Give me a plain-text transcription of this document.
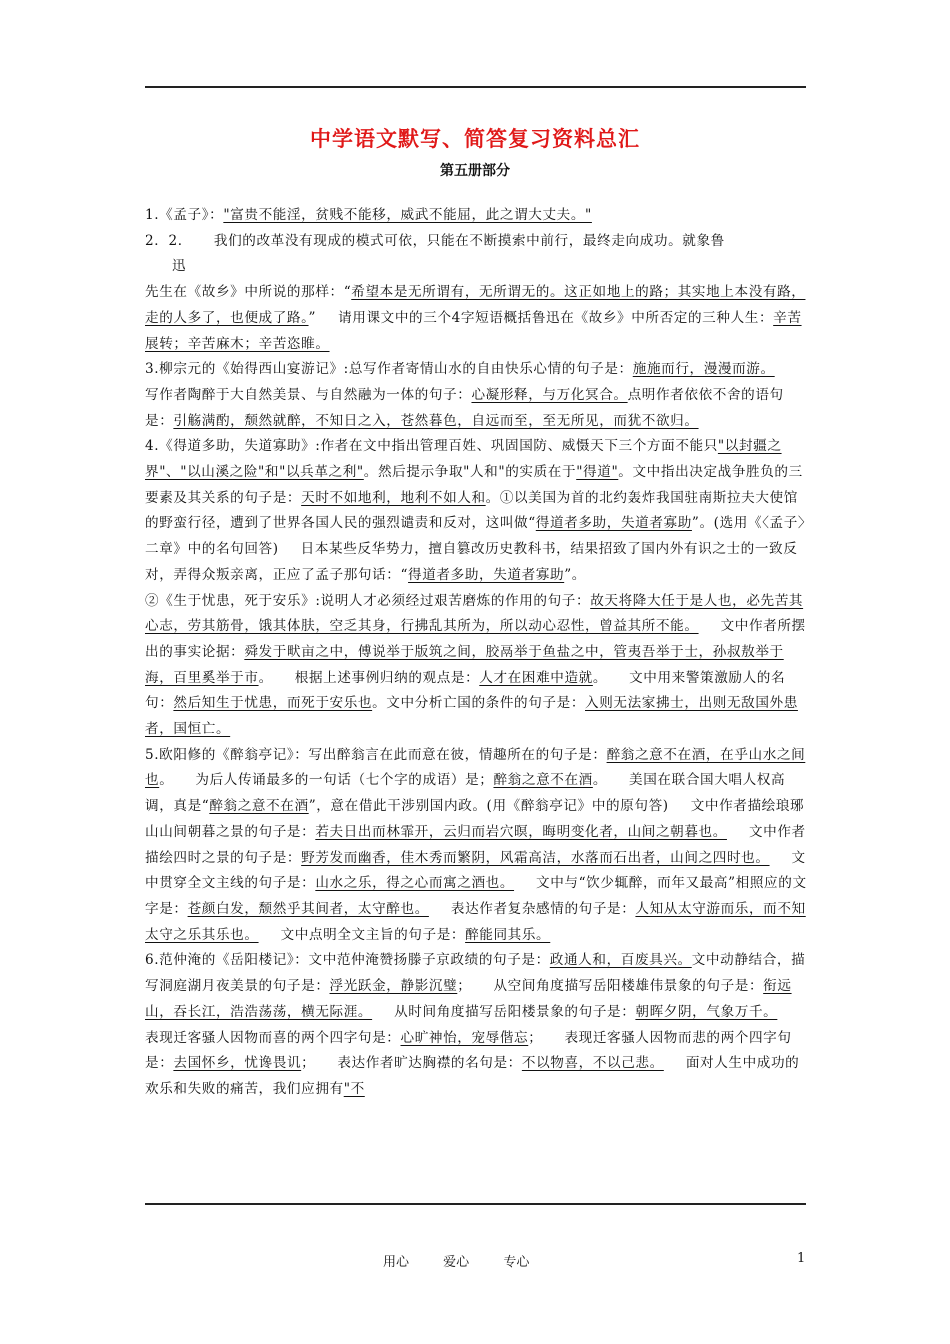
中学语文默写、简答复习资料总汇
第五册部分

1.《孟子》："富贵不能淫，贫贱不能移，威武不能屈，此之谓大丈夫。"

2．2． 我们的改革没有现成的模式可依，只能在不断摸索中前行，最终走向成功。就象鲁

迅

先生在《故乡》中所说的那样：“希望本是无所谓有，无所谓无的。这正如地上的路；其实地上本没有路，走的人多了，也便成了路。” 请用课文中的三个4字短语概括鲁迅在《故乡》中所否定的三种人生：辛苦展转；辛苦麻木；辛苦恣睢。

3.柳宗元的《始得西山宴游记》:总写作者寄情山水的自由快乐心情的句子是：施施而行，漫漫而游。写作者陶醉于大自然美景、与自然融为一体的句子：心凝形释，与万化冥合。点明作者依依不舍的语句是：引觞满酌，颓然就醉，不知日之入，苍然暮色，自远而至，至无所见，而犹不欲归。

4.《得道多助，失道寡助》:作者在文中指出管理百姓、巩固国防、威慑天下三个方面不能只"以封疆之界"、"以山溪之险"和"以兵革之利"。然后提示争取"人和"的实质在于"得道"。文中指出决定战争胜负的三要素及其关系的句子是：天时不如地利，地利不如人和。①以美国为首的北约轰炸我国驻南斯拉夫大使馆的野蛮行径，遭到了世界各国人民的强烈谴责和反对，这叫做“得道者多助，失道者寡助”。(选用《〈孟子〉二章》中的名句回答) 日本某些反华势力，擅自篡改历史教科书，结果招致了国内外有识之士的一致反对，弄得众叛亲离，正应了孟子那句话：“得道者多助，失道者寡助”。

②《生于忧患，死于安乐》:说明人才必须经过艰苦磨炼的作用的句子：故天将降大任于是人也，必先苦其心志，劳其筋骨，饿其体肤，空乏其身，行拂乱其所为，所以动心忍性，曾益其所不能。 文中作者所摆出的事实论据：舜发于畎亩之中，傅说举于版筑之间，胶鬲举于鱼盐之中，管夷吾举于士，孙叔敖举于海，百里奚举于市。 根据上述事例归纳的观点是：人才在困难中造就。 文中用来警策激励人的名句：然后知生于忧患，而死于安乐也。文中分析亡国的条件的句子是：入则无法家拂士，出则无敌国外患者，国恒亡。

5.欧阳修的《醉翁亭记》：写出醉翁言在此而意在彼，情趣所在的句子是：醉翁之意不在酒，在乎山水之间也。 为后人传诵最多的一句话（七个字的成语）是；醉翁之意不在酒。 美国在联合国大唱人权高调，真是“醉翁之意不在酒”，意在借此干涉别国内政。(用《醉翁亭记》中的原句答) 文中作者描绘琅琊山山间朝暮之景的句子是：若夫日出而林霏开，云归而岩穴暝，晦明变化者，山间之朝暮也。 文中作者描绘四时之景的句子是：野芳发而幽香，佳木秀而繁阴，风霜高洁，水落而石出者，山间之四时也。 文中贯穿全文主线的句子是：山水之乐，得之心而寓之酒也。 文中与“饮少辄醉，而年又最高”相照应的文字是：苍颜白发，颓然乎其间者，太守醉也。 表达作者复杂感情的句子是：人知从太守游而乐，而不知太守之乐其乐也。 文中点明全文主旨的句子是：醉能同其乐。

6.范仲淹的《岳阳楼记》：文中范仲淹赞扬滕子京政绩的句子是：政通人和，百废具兴。文中动静结合，描写洞庭湖月夜美景的句子是：浮光跃金，静影沉璧； 从空间角度描写岳阳楼雄伟景象的句子是：衔远山，吞长江，浩浩荡荡，横无际涯。 从时间角度描写岳阳楼景象的句子是：朝晖夕阴，气象万千。表现迁客骚人因物而喜的两个四字句是：心旷神怡，宠辱偕忘； 表现迁客骚人因物而悲的两个四字句是：去国怀乡，忧谗畏讥； 表达作者旷达胸襟的名句是：不以物喜，不以己悲。 面对人生中成功的欢乐和失败的痛苦，我们应拥有"不

用心	爱心	专心	1
